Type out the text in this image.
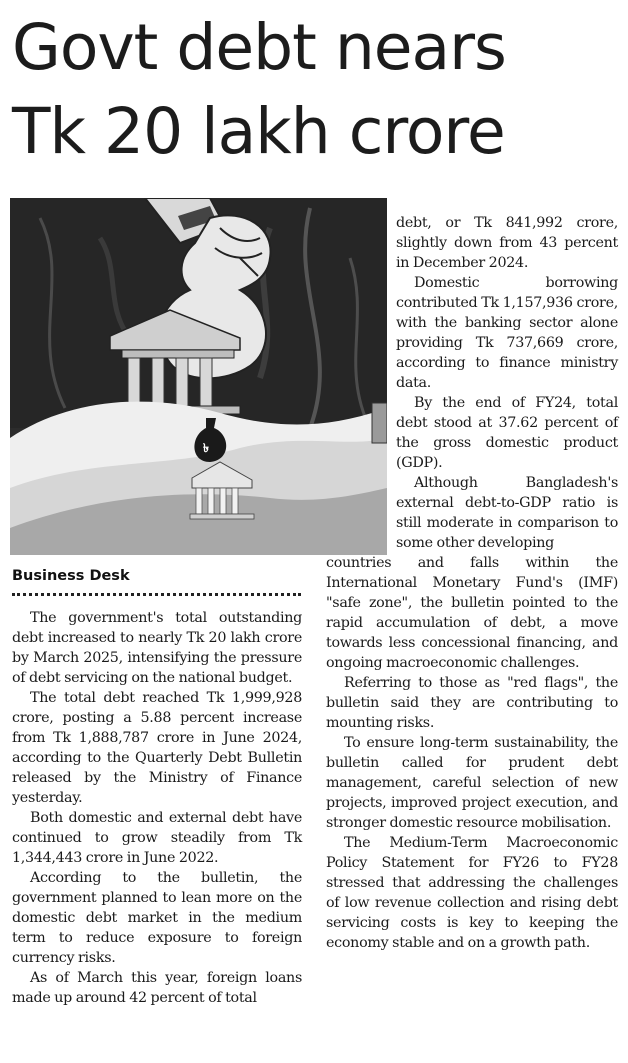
Govt debt nears
Tk 20 lakh crore
৳

Business Desk

The government's total outstanding debt increased to nearly Tk 20 lakh crore by March 2025, intensifying the pressure of debt servicing on the national budget.

The total debt reached Tk 1,999,928 crore, posting a 5.88 percent increase from Tk 1,888,787 crore in June 2024, according to the Quarterly Debt Bulletin released by the Ministry of Finance yesterday.

Both domestic and external debt have continued to grow steadily from Tk 1,344,443 crore in June 2022.

According to the bulletin, the government planned to lean more on the domestic debt market in the medium term to reduce exposure to foreign currency risks.

As of March this year, foreign loans made up around 42 percent of total

debt, or Tk 841,992 crore, slightly down from 43 percent in December 2024.

Domestic borrowing contributed Tk 1,157,936 crore, with the banking sector alone providing Tk 737,669 crore, according to finance ministry data.

By the end of FY24, total debt stood at 37.62 percent of the gross domestic product (GDP).

Although Bangladesh's external debt-to-GDP ratio is still moderate in comparison to some other developing

countries and falls within the International Monetary Fund's (IMF) "safe zone", the bulletin pointed to the rapid accumulation of debt, a move towards less concessional financing, and ongoing macroeconomic challenges.

Referring to those as "red flags", the bulletin said they are contributing to mounting risks.

To ensure long-term sustainability, the bulletin called for prudent debt management, careful selection of new projects, improved project execution, and stronger domestic resource mobilisation.

The Medium-Term Macroeconomic Policy Statement for FY26 to FY28 stressed that addressing the challenges of low revenue collection and rising debt servicing costs is key to keeping the economy stable and on a growth path.
